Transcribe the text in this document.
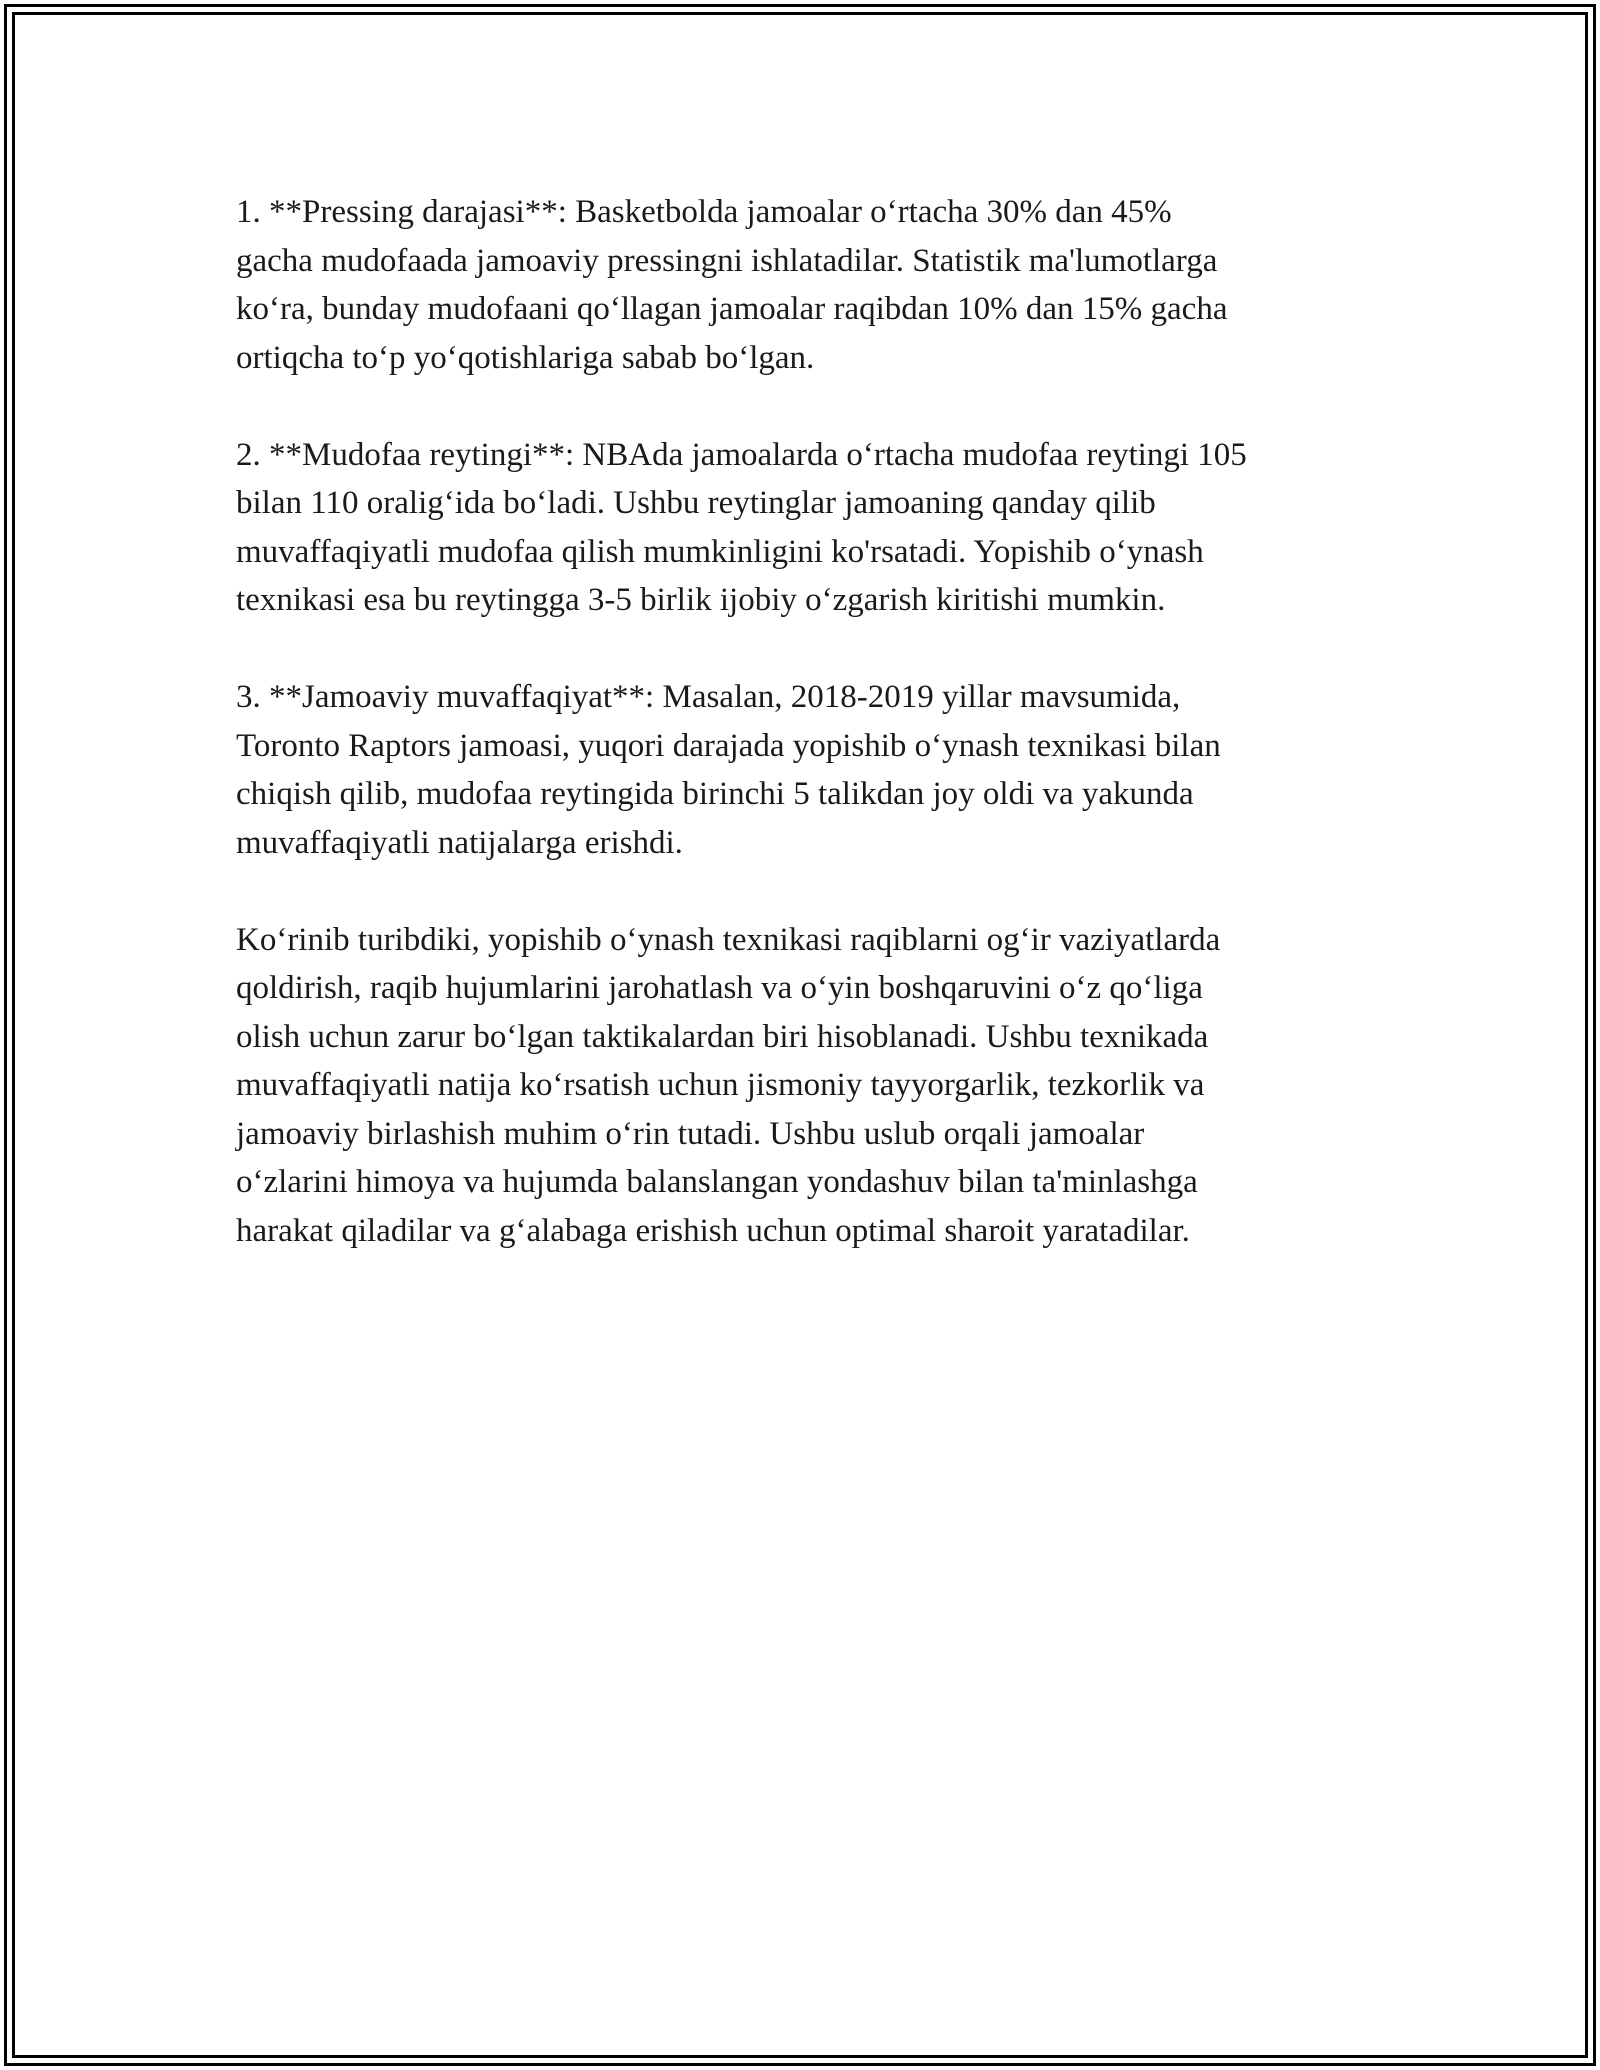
1. **Pressing darajasi**: Basketbolda jamoalar o‘rtacha 30% dan 45%
gacha mudofaada jamoaviy pressingni ishlatadilar. Statistik ma'lumotlarga
ko‘ra, bunday mudofaani qo‘llagan jamoalar raqibdan 10% dan 15% gacha
ortiqcha to‘p yo‘qotishlariga sabab bo‘lgan.

2. **Mudofaa reytingi**: NBAda jamoalarda o‘rtacha mudofaa reytingi 105
bilan 110 oralig‘ida bo‘ladi. Ushbu reytinglar jamoaning qanday qilib
muvaffaqiyatli mudofaa qilish mumkinligini ko'rsatadi. Yopishib o‘ynash
texnikasi esa bu reytingga 3-5 birlik ijobiy o‘zgarish kiritishi mumkin.

3. **Jamoaviy muvaffaqiyat**: Masalan, 2018-2019 yillar mavsumida,
Toronto Raptors jamoasi, yuqori darajada yopishib o‘ynash texnikasi bilan
chiqish qilib, mudofaa reytingida birinchi 5 talikdan joy oldi va yakunda
muvaffaqiyatli natijalarga erishdi.

Ko‘rinib turibdiki, yopishib o‘ynash texnikasi raqiblarni og‘ir vaziyatlarda
qoldirish, raqib hujumlarini jarohatlash va o‘yin boshqaruvini o‘z qo‘liga
olish uchun zarur bo‘lgan taktikalardan biri hisoblanadi. Ushbu texnikada
muvaffaqiyatli natija ko‘rsatish uchun jismoniy tayyorgarlik, tezkorlik va
jamoaviy birlashish muhim o‘rin tutadi. Ushbu uslub orqali jamoalar
o‘zlarini himoya va hujumda balanslangan yondashuv bilan ta'minlashga
harakat qiladilar va g‘alabaga erishish uchun optimal sharoit yaratadilar.
